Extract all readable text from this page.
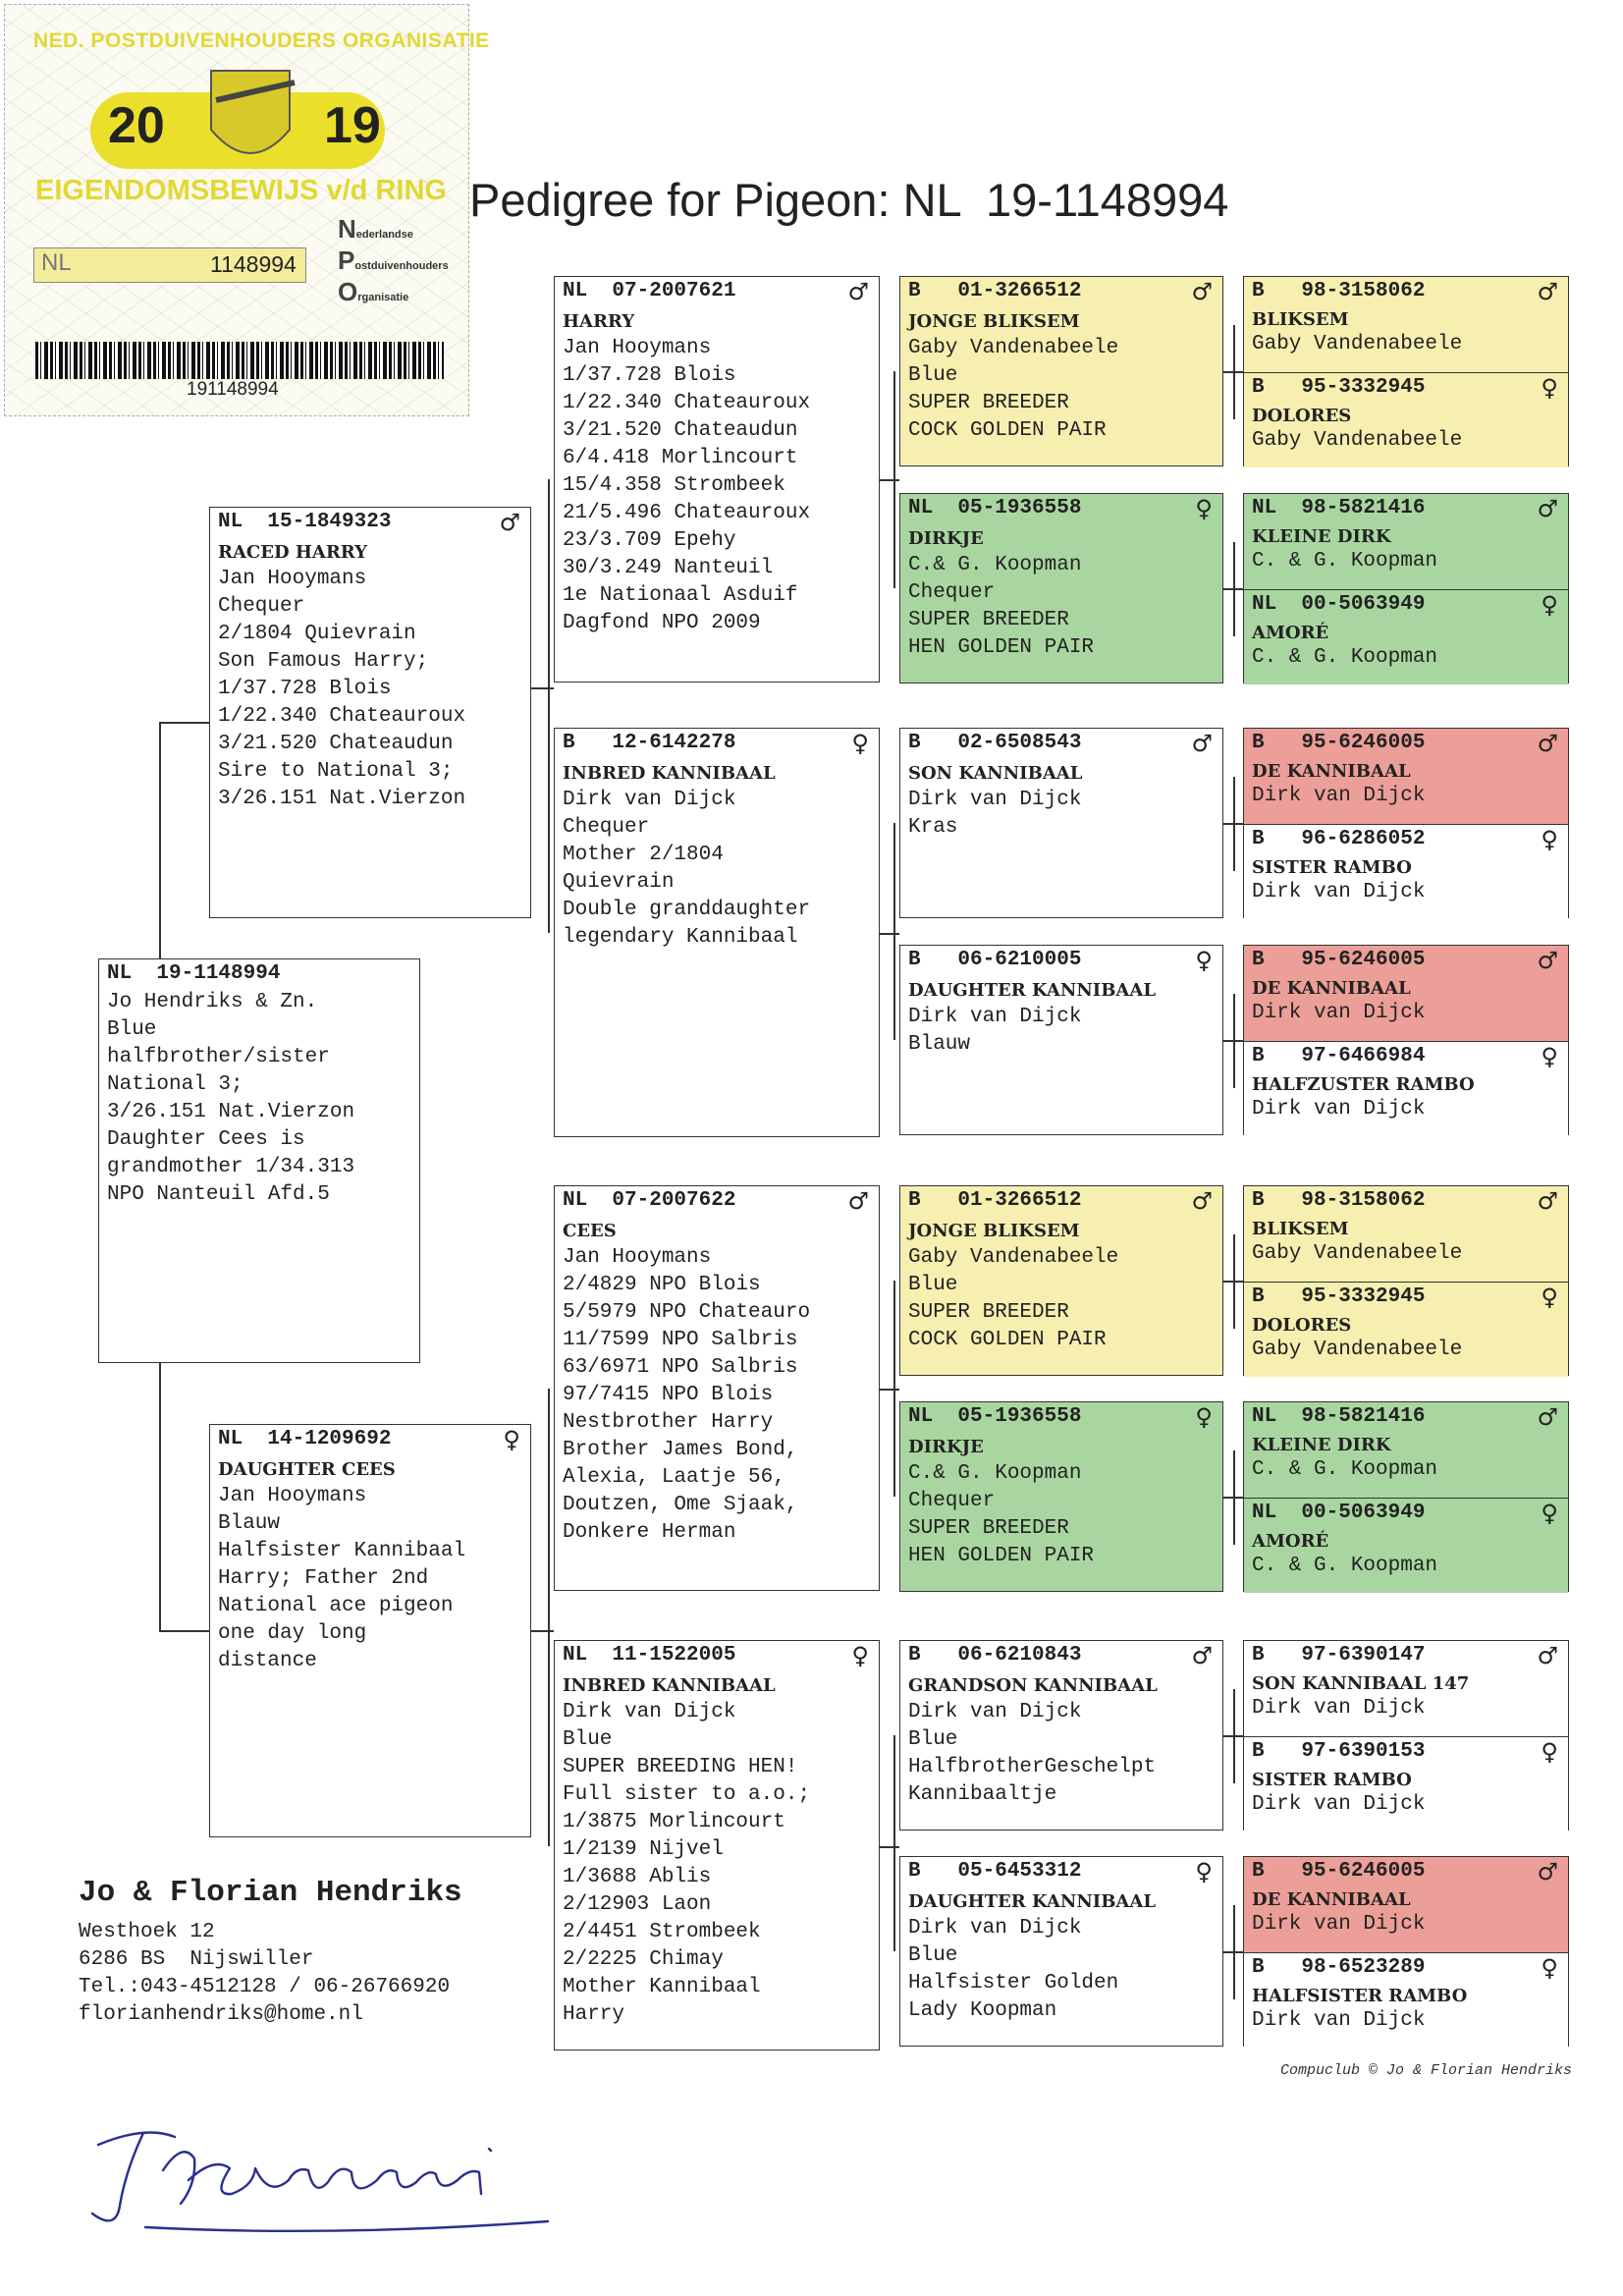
NED. POSTDUIVENHOUDERS ORGANISATIE
20	19
EIGENDOMSBEWIJS v/d RING
NL	1148994
Nederlandse
Postduivenhouders
Organisatie
191148994
Pedigree for Pigeon: NL  19-1148994
NL  19-1148994
Jo Hendriks & Zn.
Blue
halfbrother/sister
National 3;
3/26.151 Nat.Vierzon
Daughter Cees is
grandmother 1/34.313
NPO Nanteuil Afd.5
NL  15-1849323	♂
RACED HARRY
Jan Hooymans
Chequer
2/1804 Quievrain
Son Famous Harry;
1/37.728 Blois
1/22.340 Chateauroux
3/21.520 Chateaudun
Sire to National 3;
3/26.151 Nat.Vierzon
NL  14-1209692	♀
DAUGHTER CEES
Jan Hooymans
Blauw
Halfsister Kannibaal
Harry; Father 2nd
National ace pigeon
one day long
distance
NL  07-2007621	♂
HARRY
Jan Hooymans
1/37.728 Blois
1/22.340 Chateauroux
3/21.520 Chateaudun
6/4.418 Morlincourt
15/4.358 Strombeek
21/5.496 Chateauroux
23/3.709 Epehy
30/3.249 Nanteuil
1e Nationaal Asduif
Dagfond NPO 2009
B   12-6142278	♀
INBRED KANNIBAAL
Dirk van Dijck
Chequer
Mother 2/1804
Quievrain
Double granddaughter
legendary Kannibaal
NL  07-2007622	♂
CEES
Jan Hooymans
2/4829 NPO Blois
5/5979 NPO Chateauro
11/7599 NPO Salbris
63/6971 NPO Salbris
97/7415 NPO Blois
Nestbrother Harry
Brother James Bond,
Alexia, Laatje 56,
Doutzen, Ome Sjaak,
Donkere Herman
NL  11-1522005	♀
INBRED KANNIBAAL
Dirk van Dijck
Blue
SUPER BREEDING HEN!
Full sister to a.o.;
1/3875 Morlincourt
1/2139 Nijvel
1/3688 Ablis
2/12903 Laon
2/4451 Strombeek
2/2225 Chimay
Mother Kannibaal
Harry
B   01-3266512	♂
JONGE BLIKSEM
Gaby Vandenabeele
Blue
SUPER BREEDER
COCK GOLDEN PAIR
NL  05-1936558	♀
DIRKJE
C.& G. Koopman
Chequer
SUPER BREEDER
HEN GOLDEN PAIR
B   02-6508543	♂
SON KANNIBAAL
Dirk van Dijck
Kras
B   06-6210005	♀
DAUGHTER KANNIBAAL
Dirk van Dijck
Blauw
B   01-3266512	♂
JONGE BLIKSEM
Gaby Vandenabeele
Blue
SUPER BREEDER
COCK GOLDEN PAIR
NL  05-1936558	♀
DIRKJE
C.& G. Koopman
Chequer
SUPER BREEDER
HEN GOLDEN PAIR
B   06-6210843	♂
GRANDSON KANNIBAAL
Dirk van Dijck
Blue
HalfbrotherGeschelpt
Kannibaaltje
B   05-6453312	♀
DAUGHTER KANNIBAAL
Dirk van Dijck
Blue
Halfsister Golden
Lady Koopman
B   98-3158062	♂
BLIKSEM
Gaby Vandenabeele
B   95-3332945	♀
DOLORES
Gaby Vandenabeele
NL  98-5821416	♂
KLEINE DIRK
C. & G. Koopman
NL  00-5063949	♀
AMORÉ
C. & G. Koopman
B   95-6246005	♂
DE KANNIBAAL
Dirk van Dijck
B   96-6286052	♀
SISTER RAMBO
Dirk van Dijck
B   95-6246005	♂
DE KANNIBAAL
Dirk van Dijck
B   97-6466984	♀
HALFZUSTER RAMBO
Dirk van Dijck
B   98-3158062	♂
BLIKSEM
Gaby Vandenabeele
B   95-3332945	♀
DOLORES
Gaby Vandenabeele
NL  98-5821416	♂
KLEINE DIRK
C. & G. Koopman
NL  00-5063949	♀
AMORÉ
C. & G. Koopman
B   97-6390147	♂
SON KANNIBAAL 147
Dirk van Dijck
B   97-6390153	♀
SISTER RAMBO
Dirk van Dijck
B   95-6246005	♂
DE KANNIBAAL
Dirk van Dijck
B   98-6523289	♀
HALFSISTER RAMBO
Dirk van Dijck
Jo & Florian Hendriks
Westhoek 12
6286 BS  Nijswiller
Tel.:043-4512128 / 06-26766920
florianhendriks@home.nl
Compuclub © Jo & Florian Hendriks
